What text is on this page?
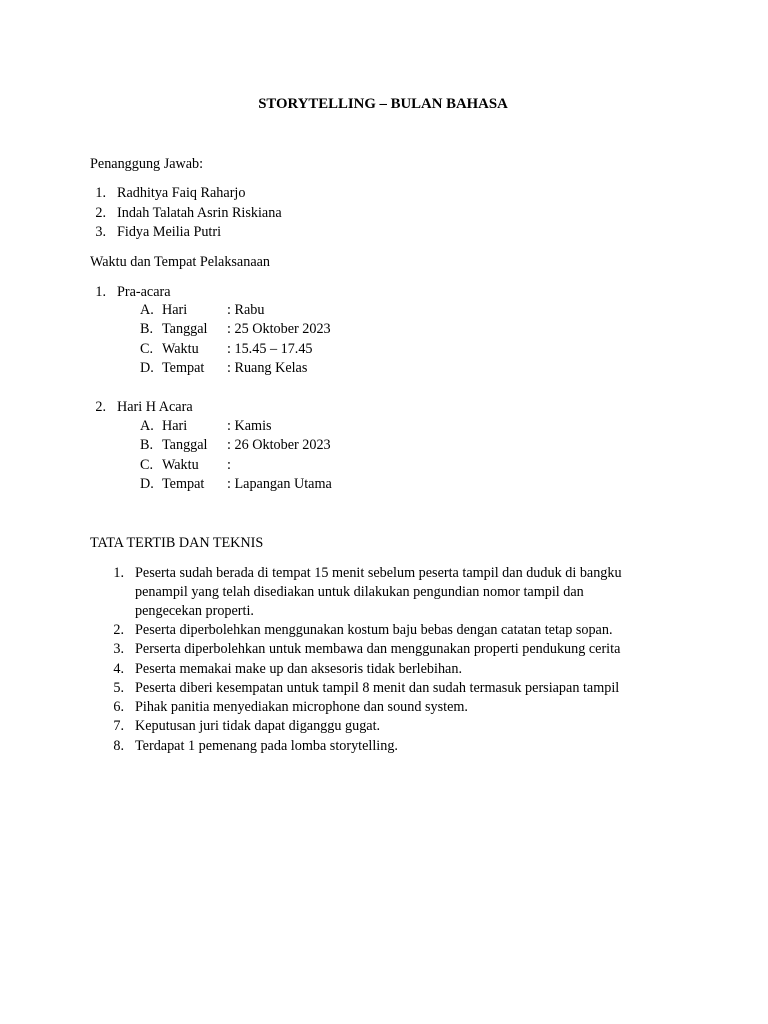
STORYTELLING – BULAN BAHASA
Penanggung Jawab:
1. Radhitya Faiq Raharjo
2. Indah Talatah Asrin Riskiana
3. Fidya Meilia Putri
Waktu dan Tempat Pelaksanaan
1. Pra-acara
A. Hari	: Rabu
B. Tanggal : 25 Oktober 2023
C. Waktu : 15.45 – 17.45
D. Tempat : Ruang Kelas
2. Hari H Acara
A. Hari	: Kamis
B. Tanggal : 26 Oktober 2023
C. Waktu :
D. Tempat : Lapangan Utama
TATA TERTIB DAN TEKNIS
1. Peserta sudah berada di tempat 15 menit sebelum peserta tampil dan duduk di bangku
penampil yang telah disediakan untuk dilakukan pengundian nomor tampil dan
pengecekan properti.
2. Peserta diperbolehkan menggunakan kostum baju bebas dengan catatan tetap sopan.
3. Perserta diperbolehkan untuk membawa dan menggunakan properti pendukung cerita
4. Peserta memakai make up dan aksesoris tidak berlebihan.
5. Peserta diberi kesempatan untuk tampil 8 menit dan sudah termasuk persiapan tampil
6. Pihak panitia menyediakan microphone dan sound system.
7. Keputusan juri tidak dapat diganggu gugat.
8. Terdapat 1 pemenang pada lomba storytelling.
